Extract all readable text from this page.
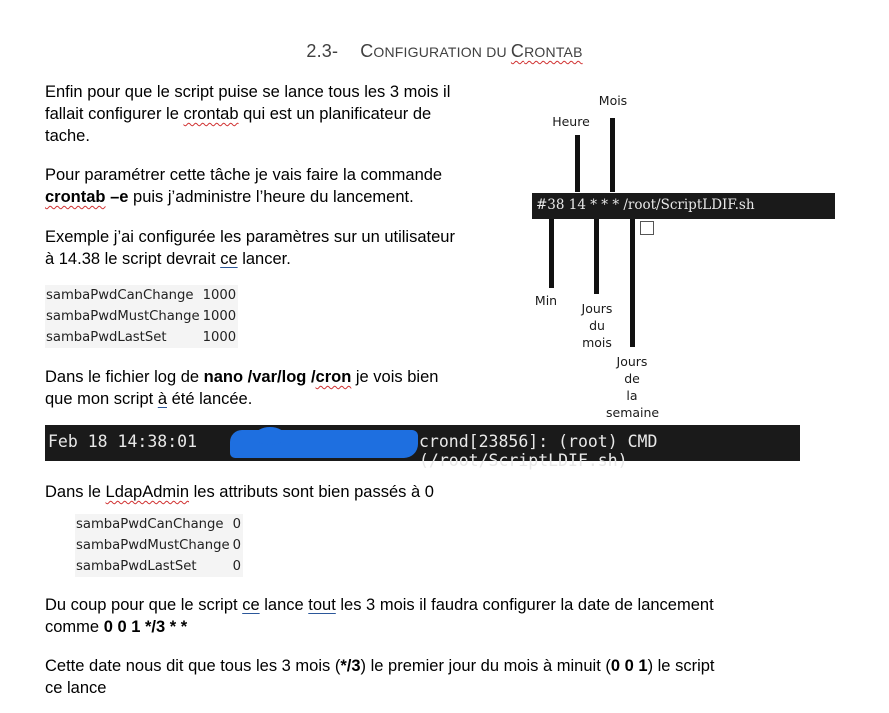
2.3- CONFIGURATION DU CRONTAB
Enfin pour que le script puise se lance tous les 3 mois il
fallait configurer le crontab qui est un planificateur de
tache.
Pour paramétrer cette tâche je vais faire la commande
crontab –e puis j’administre l’heure du lancement.
Exemple j’ai configurée les paramètres sur un utilisateur
à 14.38 le script devrait ce lancer.
sambaPwdCanChange	1000
sambaPwdMustChange	1000
sambaPwdLastSet	1000
Dans le fichier log de nano /var/log /cron je vois bien
que mon script à été lancée.
Feb 18 14:38:01	crond[23856]: (root) CMD (/root/ScriptLDIF.sh)
Dans le LdapAdmin les attributs sont bien passés à 0
sambaPwdCanChange	0
sambaPwdMustChange	0
sambaPwdLastSet	0
Du coup pour que le script ce lance tout les 3 mois il faudra configurer la date de lancement
comme 0 0 1 */3 * *
Cette date nous dit que tous les 3 mois (*/3) le premier jour du mois à minuit (0 0 1) le script
ce lance
Mois
Heure
#38 14 * * * /root/ScriptLDIF.sh
Min
Jours
du
mois
Jours
de
la
semaine
